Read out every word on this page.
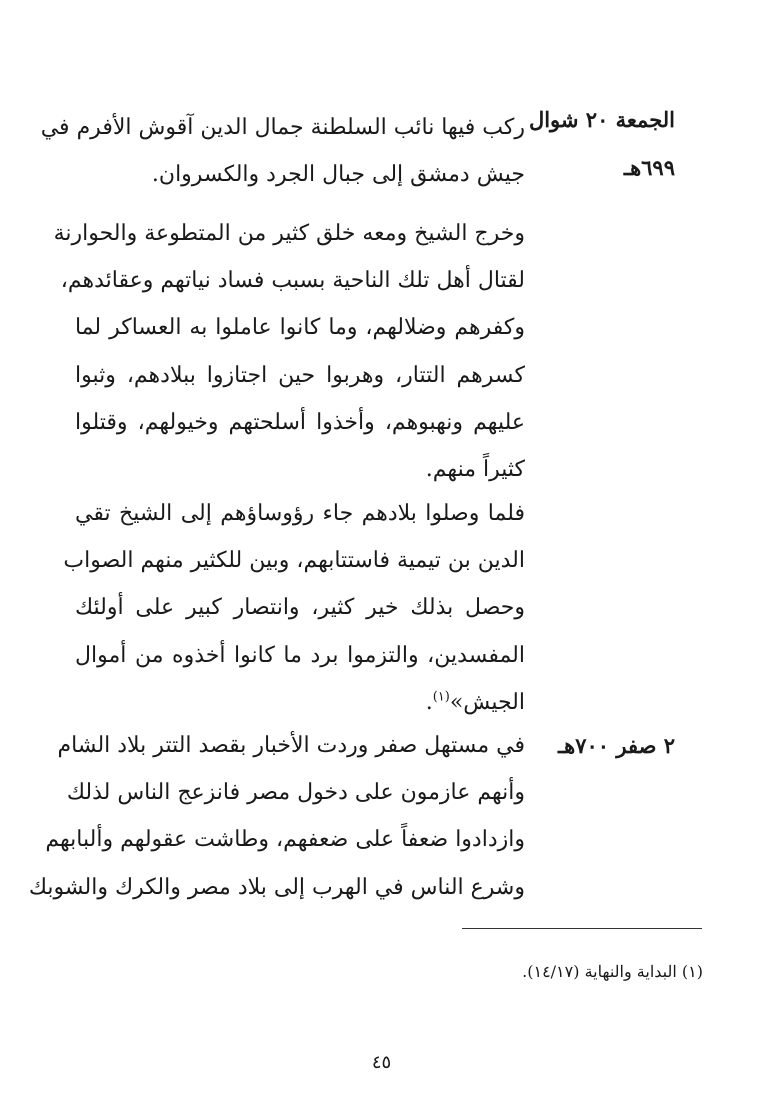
الجمعة ٢٠ شوال
٦٩٩هـ

ركب فيها نائب السلطنة جمال الدين آقوش الأفرم في
جيش دمشق إلى جبال الجرد والكسروان.

وخرج الشيخ ومعه خلق كثير من المتطوعة والحوارنة
لقتال أهل تلك الناحية بسبب فساد نياتهم وعقائدهم،
وكفرهم وضلالهم، وما كانوا عاملوا به العساكر لما
كسرهم التتار، وهربوا حين اجتازوا ببلادهم، وثبوا
عليهم ونهبوهم، وأخذوا أسلحتهم وخيولهم، وقتلوا
كثيراً منهم.

فلما وصلوا بلادهم جاء رؤوساؤهم إلى الشيخ تقي
الدين بن تيمية فاستتابهم، وبين للكثير منهم الصواب
وحصل بذلك خير كثير، وانتصار كبير على أولئك
المفسدين، والتزموا برد ما كانوا أخذوه من أموال
الجيش»$^{(١)}$.

٢ صفر ٧٠٠هـ

في مستهل صفر وردت الأخبار بقصد التتر بلاد الشام
وأنهم عازمون على دخول مصر فانزعج الناس لذلك
وازدادوا ضعفاً على ضعفهم، وطاشت عقولهم وألبابهم
وشرع الناس في الهرب إلى بلاد مصر والكرك والشوبك

(١) البداية والنهاية (١٤/١٧).
٤٥
